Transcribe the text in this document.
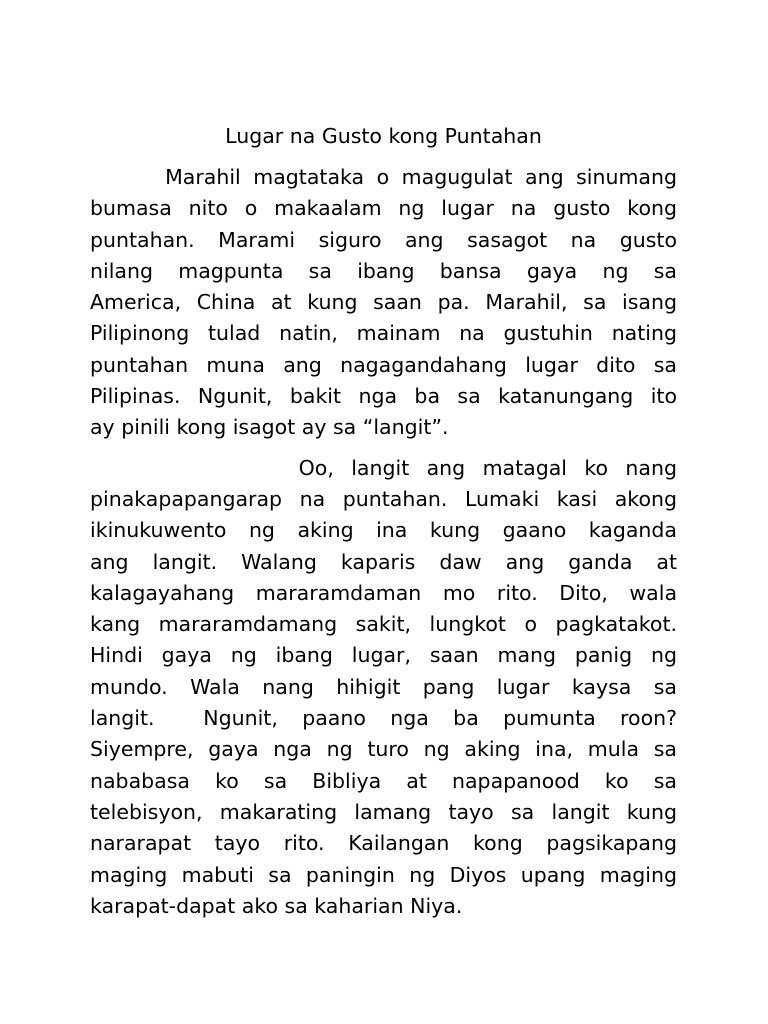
Lugar na Gusto kong Puntahan

Marahil magtataka o magugulat ang sinumang
bumasa nito o makaalam ng lugar na gusto kong
puntahan. Marami siguro ang sasagot na gusto
nilang magpunta sa ibang bansa gaya ng sa
America, China at kung saan pa. Marahil, sa isang
Pilipinong tulad natin, mainam na gustuhin nating
puntahan muna ang nagagandahang lugar dito sa
Pilipinas. Ngunit, bakit nga ba sa katanungang ito
ay pinili kong isagot ay sa “langit”.

Oo, langit ang matagal ko nang
pinakapapangarap na puntahan. Lumaki kasi akong
ikinukuwento ng aking ina kung gaano kaganda
ang langit. Walang kaparis daw ang ganda at
kalagayahang mararamdaman mo rito. Dito, wala
kang mararamdamang sakit, lungkot o pagkatakot.
Hindi gaya ng ibang lugar, saan mang panig ng
mundo. Wala nang hihigit pang lugar kaysa sa
langit.  Ngunit, paano nga ba pumunta roon?
Siyempre, gaya nga ng turo ng aking ina, mula sa
nababasa ko sa Bibliya at napapanood ko sa
telebisyon, makarating lamang tayo sa langit kung
nararapat tayo rito. Kailangan kong pagsikapang
maging mabuti sa paningin ng Diyos upang maging
karapat-dapat ako sa kaharian Niya.
